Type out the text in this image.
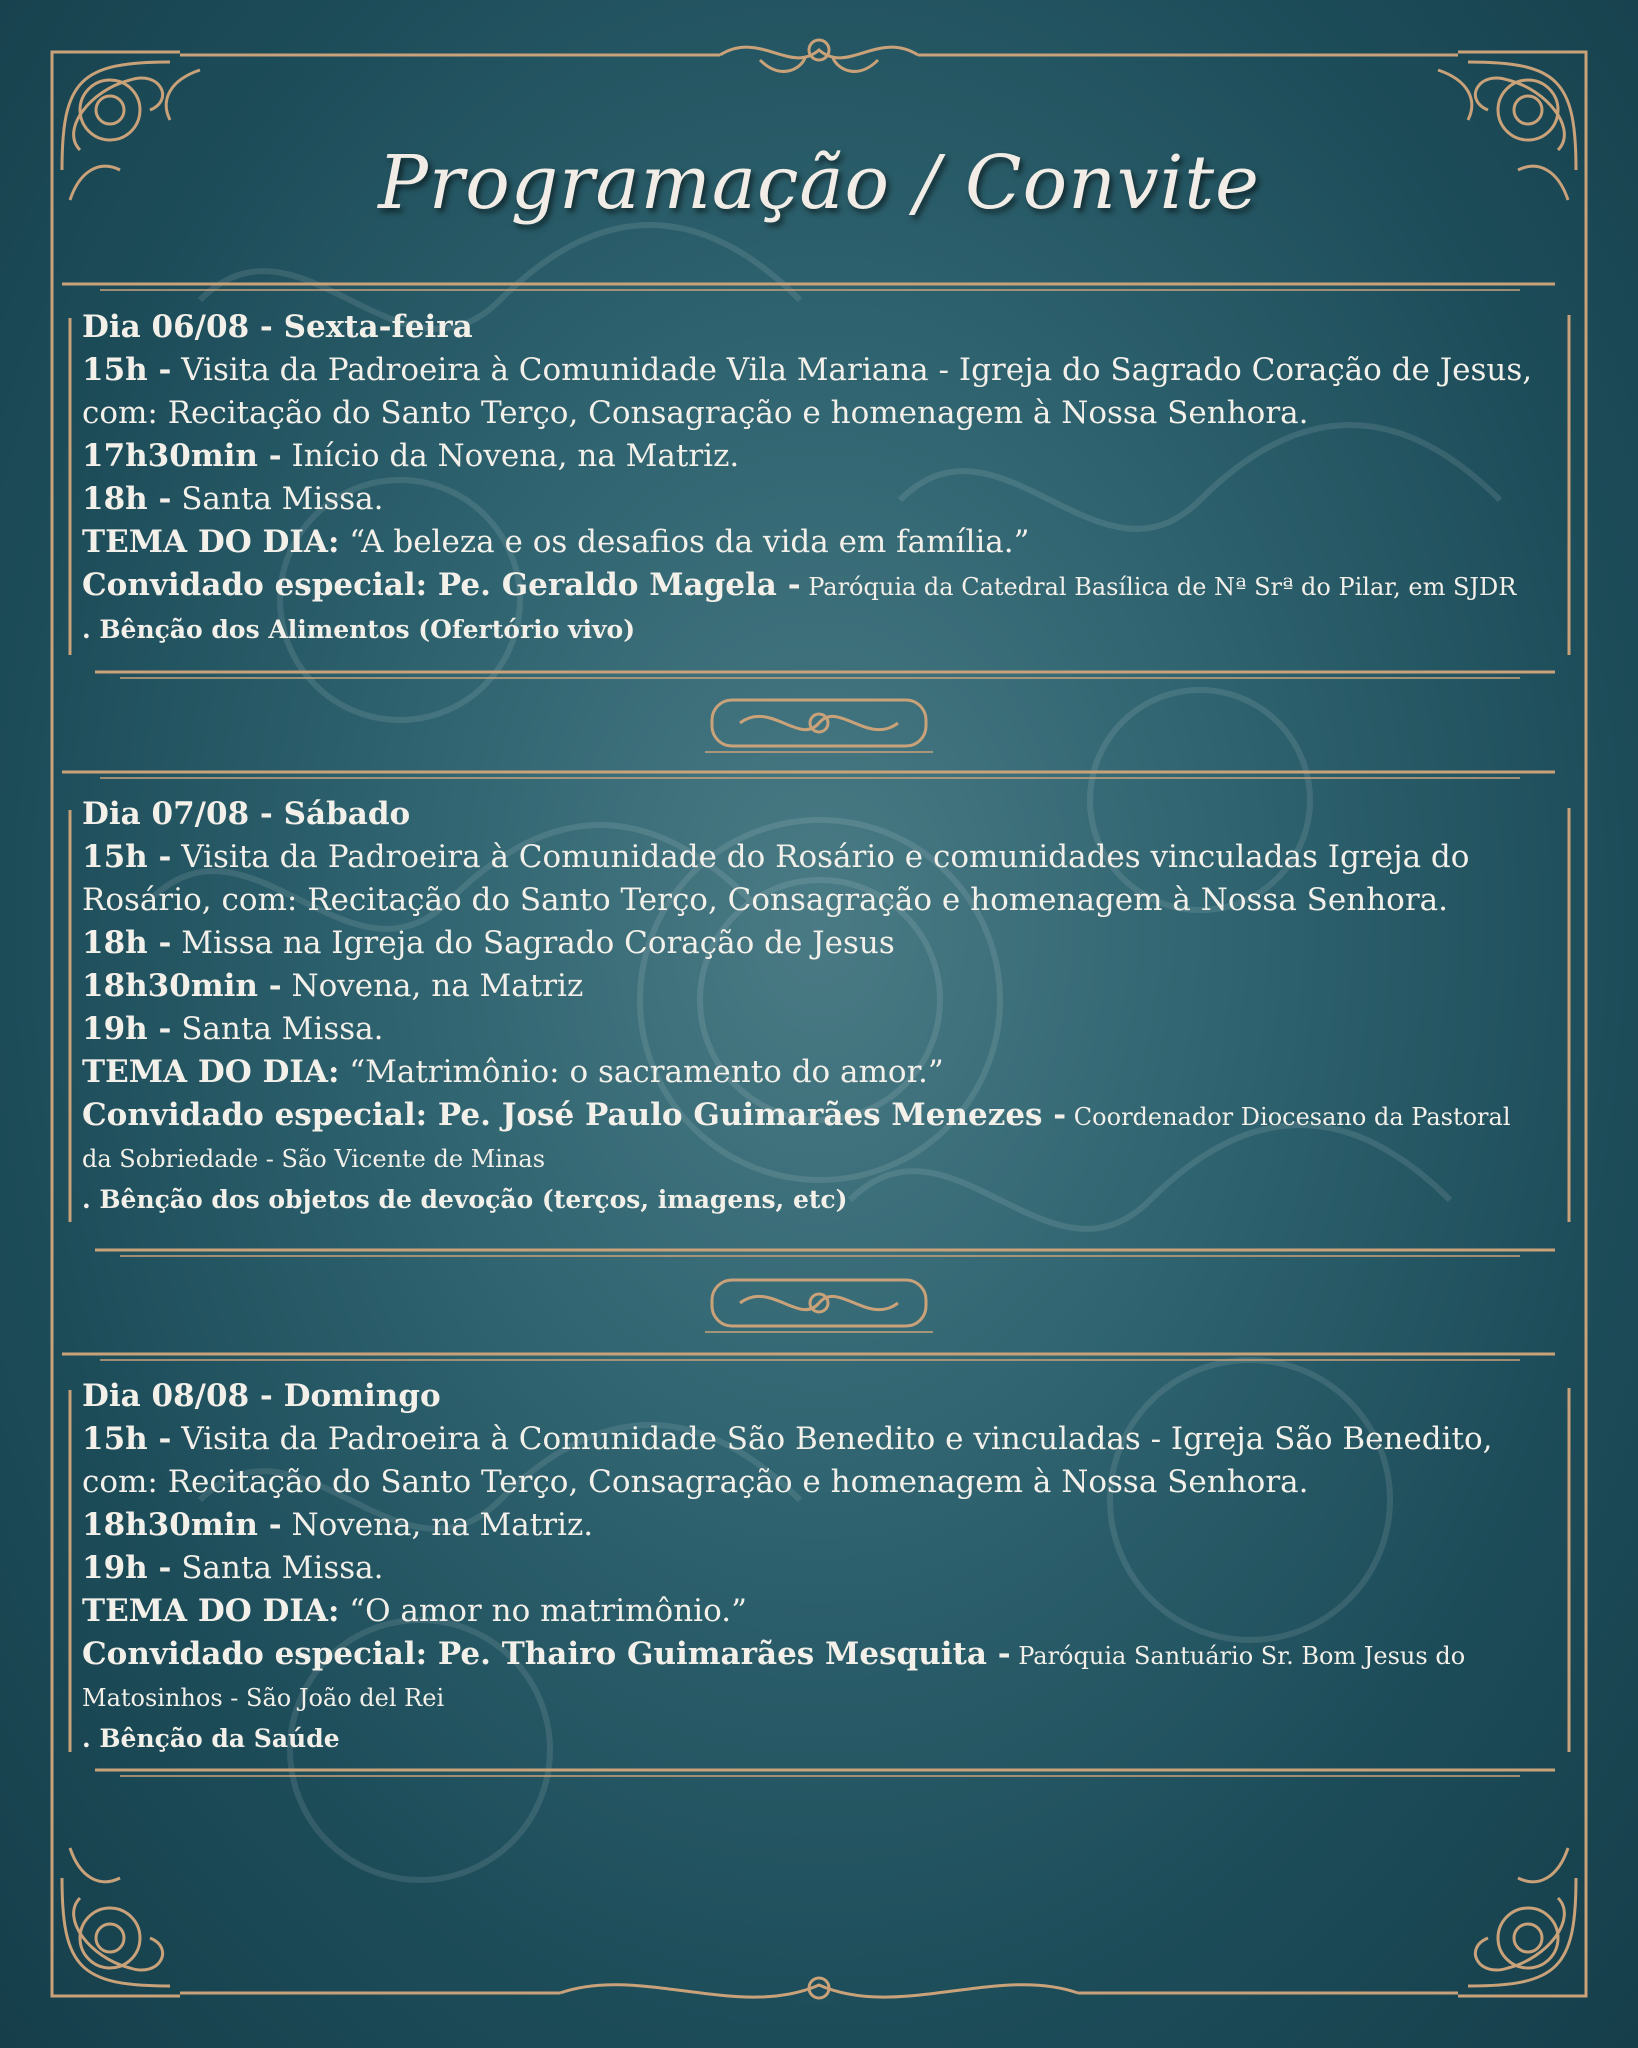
Programação / Convite
Dia 06/08 - Sexta-feira
15h - Visita da Padroeira à Comunidade Vila Mariana - Igreja do Sagrado Coração de Jesus,
com: Recitação do Santo Terço, Consagração e homenagem à Nossa Senhora.
17h30min - Início da Novena, na Matriz.
18h - Santa Missa.
TEMA DO DIA: “A beleza e os desafios da vida em família.”
Convidado especial: Pe. Geraldo Magela - Paróquia da Catedral Basílica de Nª Srª do Pilar, em SJDR
. Bênção dos Alimentos (Ofertório vivo)
Dia 07/08 - Sábado
15h - Visita da Padroeira à Comunidade do Rosário e comunidades vinculadas Igreja do
Rosário, com: Recitação do Santo Terço, Consagração e homenagem à Nossa Senhora.
18h - Missa na Igreja do Sagrado Coração de Jesus
18h30min - Novena, na Matriz
19h - Santa Missa.
TEMA DO DIA: “Matrimônio: o sacramento do amor.”
Convidado especial: Pe. José Paulo Guimarães Menezes - Coordenador Diocesano da Pastoral
da Sobriedade - São Vicente de Minas
. Bênção dos objetos de devoção (terços, imagens, etc)
Dia 08/08 - Domingo
15h - Visita da Padroeira à Comunidade São Benedito e vinculadas - Igreja São Benedito,
com: Recitação do Santo Terço, Consagração e homenagem à Nossa Senhora.
18h30min - Novena, na Matriz.
19h - Santa Missa.
TEMA DO DIA: “O amor no matrimônio.”
Convidado especial: Pe. Thairo Guimarães Mesquita - Paróquia Santuário Sr. Bom Jesus do
Matosinhos - São João del Rei
. Bênção da Saúde
